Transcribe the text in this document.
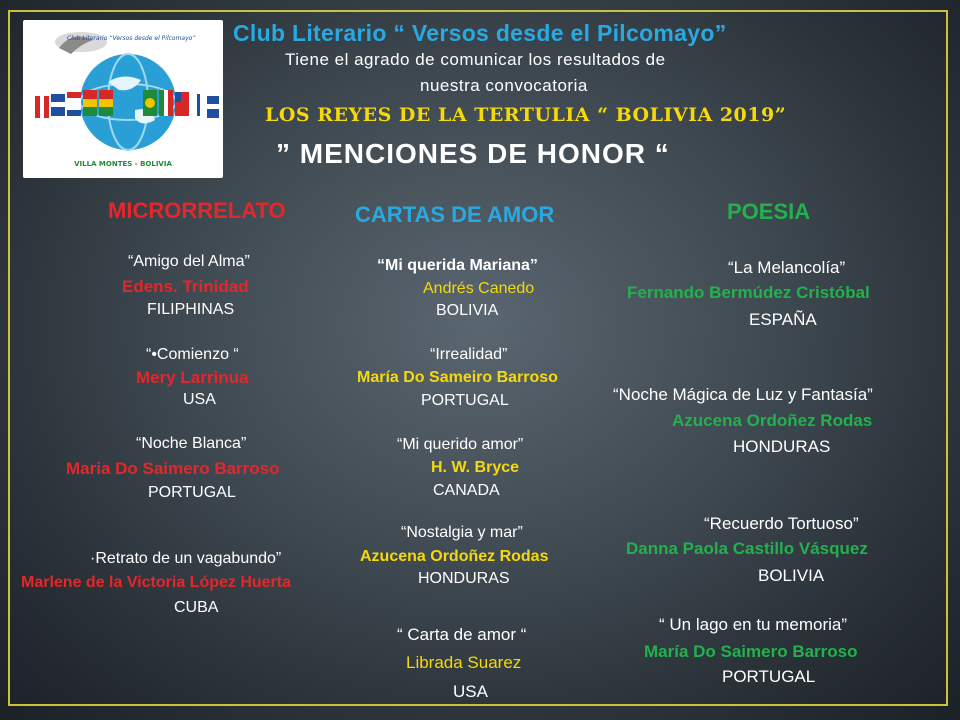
Club Literario “Versos desde el Pilcomayo”
VILLA MONTES - BOLIVIA
Club Literario “ Versos desde el Pilcomayo”
Tiene el agrado de comunicar los resultados de
nuestra convocatoria
LOS REYES DE LA TERTULIA “ BOLIVIA 2019”
” MENCIONES DE HONOR “
MICRORRELATO	CARTAS DE AMOR	POESIA
“Amigo del Alma”
Edens. Trinidad
FILIPHINAS
“•Comienzo “
Mery Larrinua
USA
“Noche Blanca”
Maria Do Saimero Barroso
PORTUGAL
·Retrato de un vagabundo”
Marlene de la Victoria López Huerta
CUBA
“Mi querida Mariana”
Andrés Canedo
BOLIVIA
“Irrealidad”
María Do Sameiro Barroso
PORTUGAL
“Mi querido amor”
H. W. Bryce
CANADA
“Nostalgia y mar”
Azucena Ordoñez Rodas
HONDURAS
“ Carta de amor “
Librada Suarez
USA
“La Melancolía”
Fernando Bermúdez Cristóbal
ESPAÑA
“Noche Mágica de Luz y Fantasía”
Azucena Ordoñez Rodas
HONDURAS
“Recuerdo Tortuoso”
Danna Paola Castillo Vásquez
BOLIVIA
“ Un lago en tu memoria”
María Do Saimero Barroso
PORTUGAL
